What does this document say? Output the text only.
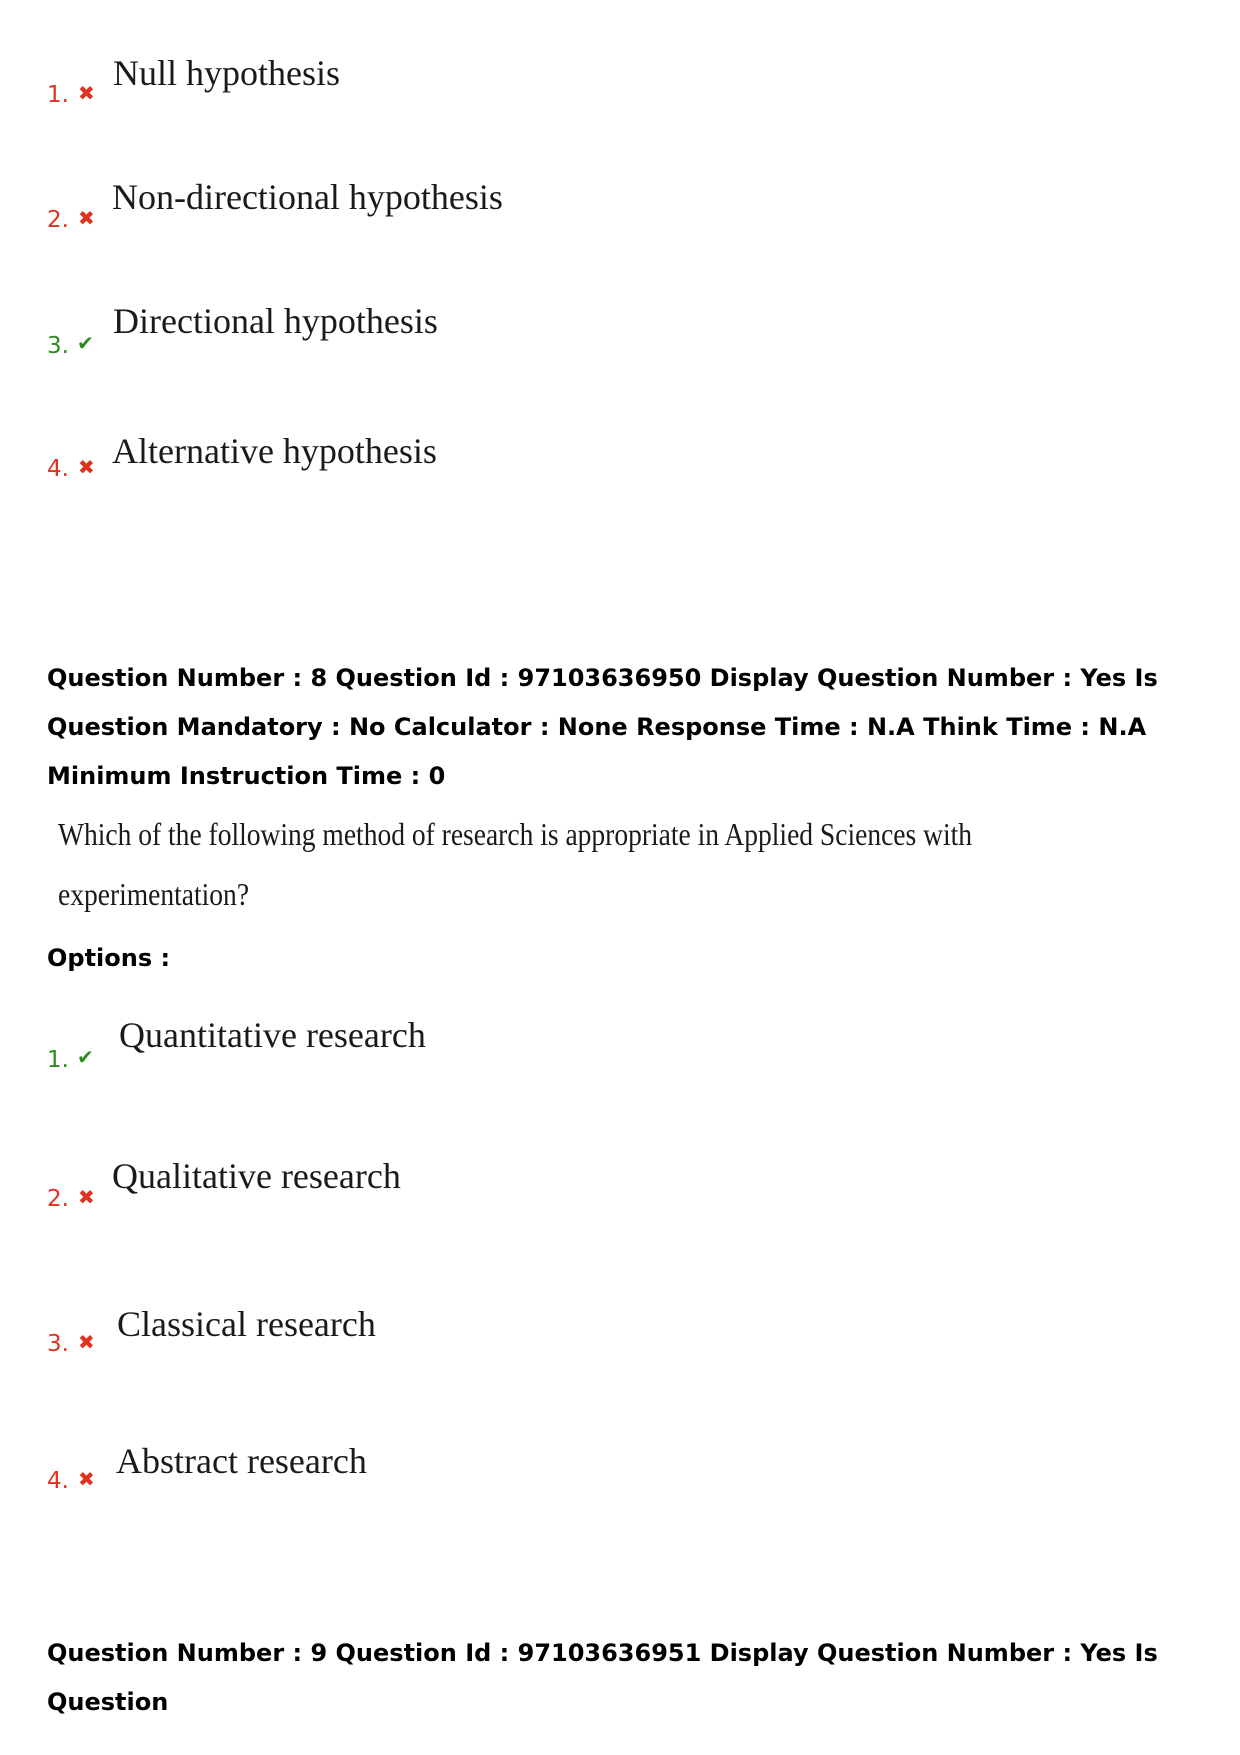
1. ✖ Null hypothesis
2. ✖
Non-directional hypothesis
3. ✔
Directional hypothesis
4. ✖ Alternative hypothesis
Question Number : 8 Question Id : 97103636950 Display Question Number : Yes Is Question Mandatory : No Calculator : None Response Time : N.A Think Time : N.A Minimum Instruction Time : 0
Which of the following method of research is appropriate in Applied Sciences with
experimentation?
Options :
1. ✔
Quantitative research
2. ✖
Qualitative research
3. ✖ Classical research
4. ✖ Abstract research
Question Number : 9 Question Id : 97103636951 Display Question Number : Yes Is Question
